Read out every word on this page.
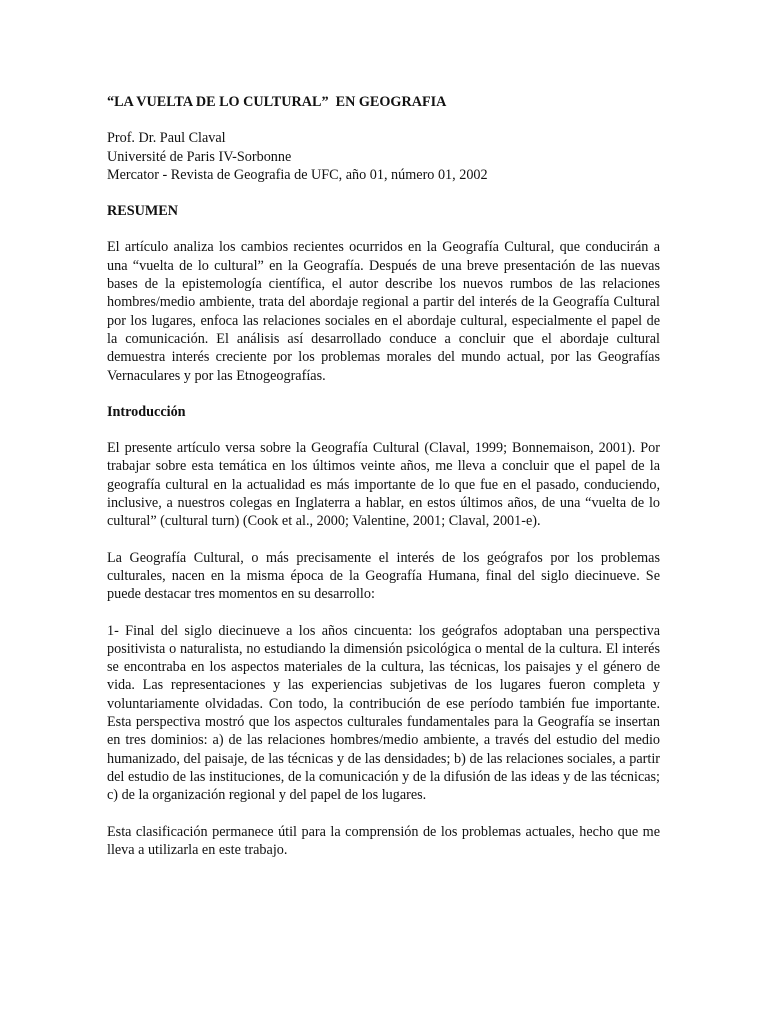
“LA VUELTA DE LO CULTURAL”  EN GEOGRAFIA
Prof. Dr. Paul Claval
Université de Paris IV-Sorbonne
Mercator - Revista de Geografia de UFC, año 01, número 01, 2002
RESUMEN

El artículo analiza los cambios recientes ocurridos en la Geografía Cultural, que conducirán a una “vuelta de lo cultural” en la Geografía. Después de una breve presentación de las nuevas bases de la epistemología científica, el autor describe los nuevos rumbos de las relaciones hombres/medio ambiente, trata del abordaje regional a partir del interés de la Geografía Cultural por los lugares, enfoca las relaciones sociales en el abordaje cultural, especialmente el papel de la comunicación. El análisis así desarrollado conduce a concluir que el abordaje cultural demuestra interés creciente por los problemas morales del mundo actual, por las Geografías Vernaculares y por las Etnogeografías.

Introducción

El presente artículo versa sobre la Geografía Cultural (Claval, 1999; Bonnemaison, 2001). Por trabajar sobre esta temática en los últimos veinte años, me lleva a concluir que el papel de la geografía cultural en la actualidad es más importante de lo que fue en el pasado, conduciendo, inclusive, a nuestros colegas en Inglaterra a hablar, en estos últimos años, de una “vuelta de lo cultural” (cultural turn) (Cook et al., 2000; Valentine, 2001; Claval, 2001-e).

La Geografía Cultural, o más precisamente el interés de los geógrafos por los problemas culturales, nacen en la misma época de la Geografía Humana, final del siglo diecinueve. Se puede destacar tres momentos en su desarrollo:

1- Final del siglo diecinueve a los años cincuenta: los geógrafos adoptaban una perspectiva positivista o naturalista, no estudiando la dimensión psicológica o mental de la cultura. El interés se encontraba en los aspectos materiales de la cultura, las técnicas, los paisajes y el género de vida. Las representaciones y las experiencias subjetivas de los lugares fueron completa y voluntariamente olvidadas. Con todo, la contribución de ese período también fue importante. Esta perspectiva mostró que los aspectos culturales fundamentales para la Geografía se insertan en tres dominios: a) de las relaciones hombres/medio ambiente, a través del estudio del medio humanizado, del paisaje, de las técnicas y de las densidades; b) de las relaciones sociales, a partir del estudio de las instituciones, de la comunicación y de la difusión de las ideas y de las técnicas; c) de la organización regional y del papel de los lugares.

Esta clasificación permanece útil para la comprensión de los problemas actuales, hecho que me lleva a utilizarla en este trabajo.
